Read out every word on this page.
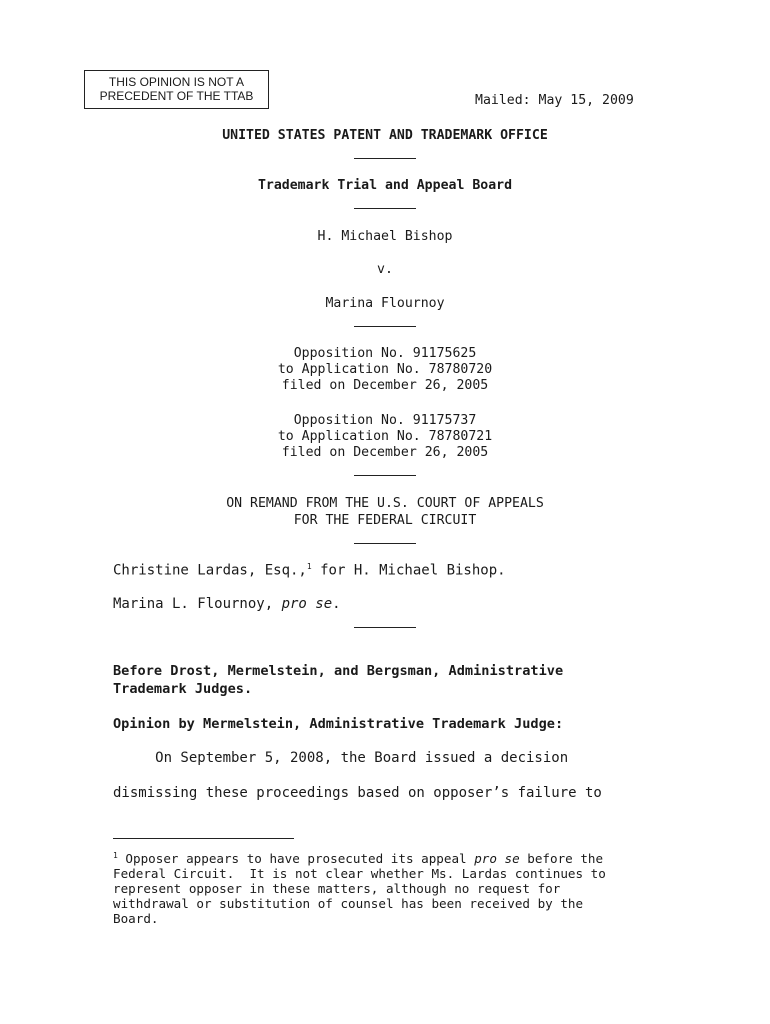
THIS OPINION IS NOT A
PRECEDENT OF THE TTAB	Mailed: May 15, 2009
UNITED STATES PATENT AND TRADEMARK OFFICE
Trademark Trial and Appeal Board
H. Michael Bishop
v.
Marina Flournoy
Opposition No. 91175625
to Application No. 78780720
filed on December 26, 2005
Opposition No. 91175737
to Application No. 78780721
filed on December 26, 2005
ON REMAND FROM THE U.S. COURT OF APPEALS
FOR THE FEDERAL CIRCUIT
Christine Lardas, Esq.,$^1$ for H. Michael Bishop.
Marina L. Flournoy, pro se.
Before Drost, Mermelstein, and Bergsman, Administrative
Trademark Judges.
Opinion by Mermelstein, Administrative Trademark Judge:
On September 5, 2008, the Board issued a decision
dismissing these proceedings based on opposer’s failure to
$^1$ Opposer appears to have prosecuted its appeal pro se before the
Federal Circuit.  It is not clear whether Ms. Lardas continues to
represent opposer in these matters, although no request for
withdrawal or substitution of counsel has been received by the
Board.
